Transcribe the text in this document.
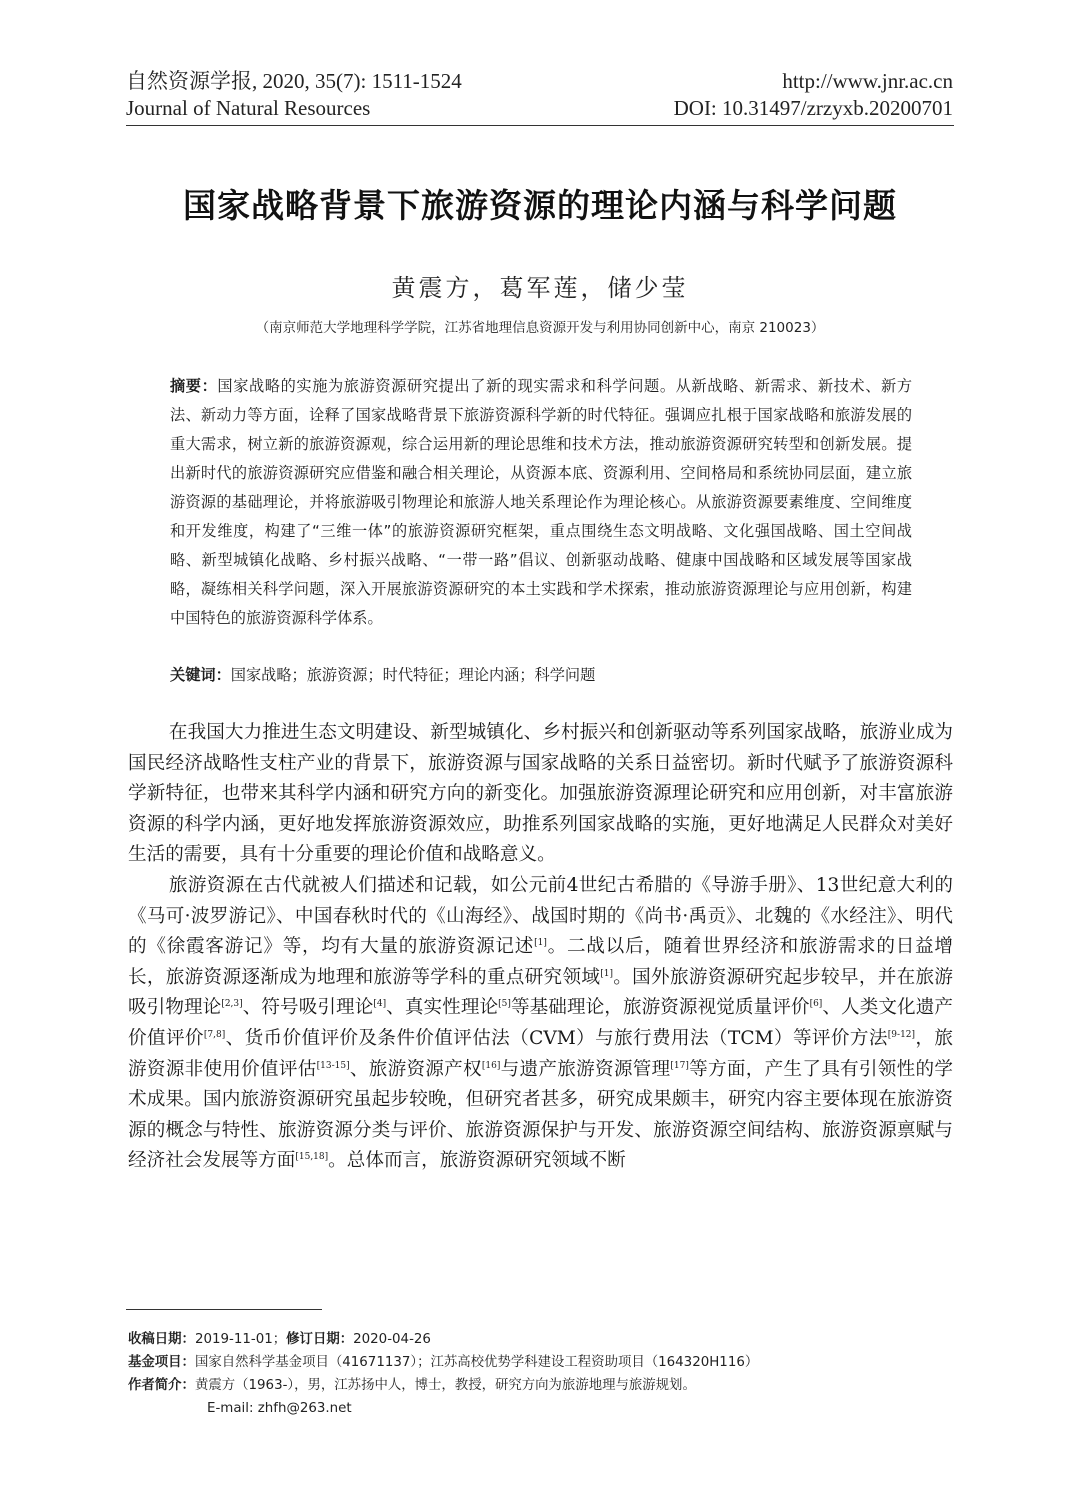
自然资源学报, 2020, 35(7): 1511-1524
Journal of Natural Resources
http://www.jnr.ac.cn
DOI: 10.31497/zrzyxb.20200701
国家战略背景下旅游资源的理论内涵与科学问题
黄震方，葛军莲，储少莹
（南京师范大学地理科学学院，江苏省地理信息资源开发与利用协同创新中心，南京 210023）
摘要：国家战略的实施为旅游资源研究提出了新的现实需求和科学问题。从新战略、新需求、新技术、新方法、新动力等方面，诠释了国家战略背景下旅游资源科学新的时代特征。强调应扎根于国家战略和旅游发展的重大需求，树立新的旅游资源观，综合运用新的理论思维和技术方法，推动旅游资源研究转型和创新发展。提出新时代的旅游资源研究应借鉴和融合相关理论，从资源本底、资源利用、空间格局和系统协同层面，建立旅游资源的基础理论，并将旅游吸引物理论和旅游人地关系理论作为理论核心。从旅游资源要素维度、空间维度和开发维度，构建了“三维一体”的旅游资源研究框架，重点围绕生态文明战略、文化强国战略、国土空间战略、新型城镇化战略、乡村振兴战略、“一带一路”倡议、创新驱动战略、健康中国战略和区域发展等国家战略，凝练相关科学问题，深入开展旅游资源研究的本土实践和学术探索，推动旅游资源理论与应用创新，构建中国特色的旅游资源科学体系。
关键词：国家战略；旅游资源；时代特征；理论内涵；科学问题

在我国大力推进生态文明建设、新型城镇化、乡村振兴和创新驱动等系列国家战略，旅游业成为国民经济战略性支柱产业的背景下，旅游资源与国家战略的关系日益密切。新时代赋予了旅游资源科学新特征，也带来其科学内涵和研究方向的新变化。加强旅游资源理论研究和应用创新，对丰富旅游资源的科学内涵，更好地发挥旅游资源效应，助推系列国家战略的实施，更好地满足人民群众对美好生活的需要，具有十分重要的理论价值和战略意义。

旅游资源在古代就被人们描述和记载，如公元前4世纪古希腊的《导游手册》、13世纪意大利的《马可·波罗游记》、中国春秋时代的《山海经》、战国时期的《尚书·禹贡》、北魏的《水经注》、明代的《徐霞客游记》等，均有大量的旅游资源记述[1]。二战以后，随着世界经济和旅游需求的日益增长，旅游资源逐渐成为地理和旅游等学科的重点研究领域[1]。国外旅游资源研究起步较早，并在旅游吸引物理论[2,3]、符号吸引理论[4]、真实性理论[5]等基础理论，旅游资源视觉质量评价[6]、人类文化遗产价值评价[7,8]、货币价值评价及条件价值评估法（CVM）与旅行费用法（TCM）等评价方法[9-12]，旅游资源非使用价值评估[13-15]、旅游资源产权[16]与遗产旅游资源管理[17]等方面，产生了具有引领性的学术成果。国内旅游资源研究虽起步较晚，但研究者甚多，研究成果颇丰，研究内容主要体现在旅游资源的概念与特性、旅游资源分类与评价、旅游资源保护与开发、旅游资源空间结构、旅游资源禀赋与经济社会发展等方面[15,18]。总体而言，旅游资源研究领域不断

收稿日期：2019-11-01；修订日期：2020-04-26
基金项目：国家自然科学基金项目（41671137）；江苏高校优势学科建设工程资助项目（164320H116）
作者简介：黄震方（1963-），男，江苏扬中人，博士，教授，研究方向为旅游地理与旅游规划。
E-mail: zhfh@263.net
